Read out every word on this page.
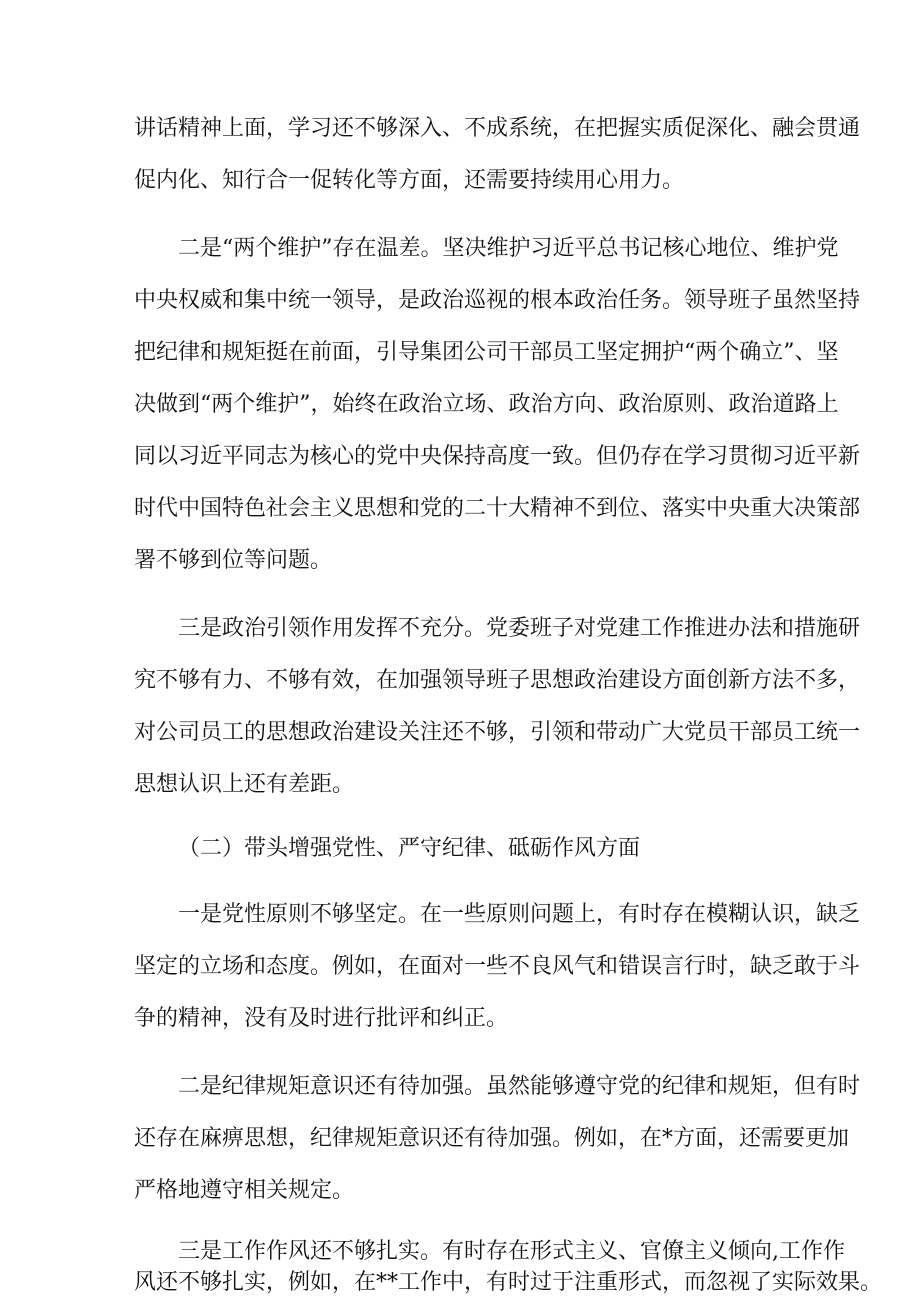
讲话精神上面，学习还不够深入、不成系统，在把握实质促深化、融会贯通
促内化、知行合一促转化等方面，还需要持续用心用力。
二是“两个维护”存在温差。坚决维护习近平总书记核心地位、维护党
中央权威和集中统一领导，是政治巡视的根本政治任务。领导班子虽然坚持
把纪律和规矩挺在前面，引导集团公司干部员工坚定拥护“两个确立”、坚
决做到“两个维护”，始终在政治立场、政治方向、政治原则、政治道路上
同以习近平同志为核心的党中央保持高度一致。但仍存在学习贯彻习近平新
时代中国特色社会主义思想和党的二十大精神不到位、落实中央重大决策部
署不够到位等问题。
三是政治引领作用发挥不充分。党委班子对党建工作推进办法和措施研
究不够有力、不够有效，在加强领导班子思想政治建设方面创新方法不多，
对公司员工的思想政治建设关注还不够，引领和带动广大党员干部员工统一
思想认识上还有差距。
（二）带头增强党性、严守纪律、砥砺作风方面
一是党性原则不够坚定。在一些原则问题上，有时存在模糊认识，缺乏
坚定的立场和态度。例如，在面对一些不良风气和错误言行时，缺乏敢于斗
争的精神，没有及时进行批评和纠正。
二是纪律规矩意识还有待加强。虽然能够遵守党的纪律和规矩，但有时
还存在麻痹思想，纪律规矩意识还有待加强。例如，在*方面，还需要更加
严格地遵守相关规定。
三是工作作风还不够扎实。有时存在形式主义、官僚主义倾向,工作作
风还不够扎实，例如，在**工作中，有时过于注重形式，而忽视了实际效果。
